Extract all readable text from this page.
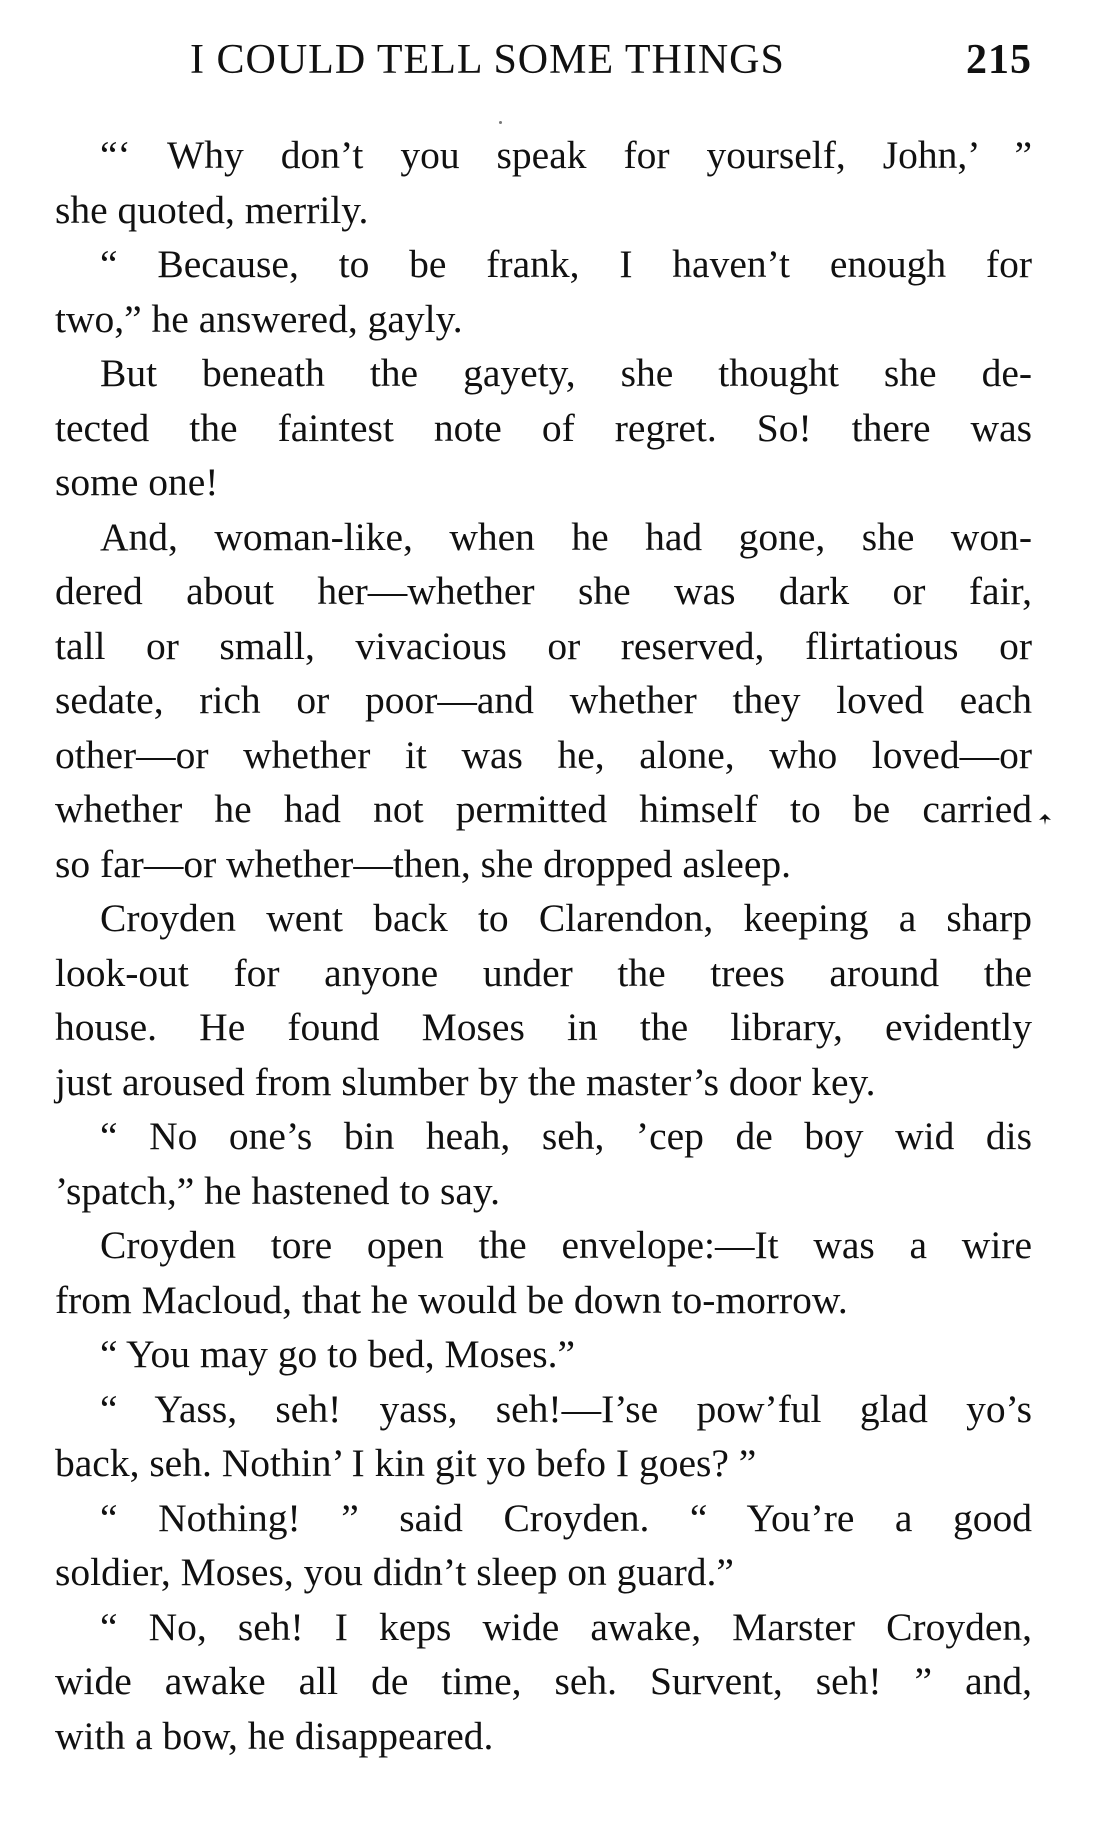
I COULD TELL SOME THINGS	215
“‘ Why don’t you speak for yourself, John,’ ”
she quoted, merrily.
“ Because, to be frank, I haven’t enough for
two,” he answered, gayly.
But beneath the gayety, she thought she de-
tected the faintest note of regret. So! there was
some one!
And, woman-like, when he had gone, she won-
dered about her—whether she was dark or fair,
tall or small, vivacious or reserved, flirtatious or
sedate, rich or poor—and whether they loved each
other—or whether it was he, alone, who loved—or
whether he had not permitted himself to be carried
so far—or whether—then, she dropped asleep.
Croyden went back to Clarendon, keeping a sharp
look-out for anyone under the trees around the
house. He found Moses in the library, evidently
just aroused from slumber by the master’s door key.
“ No one’s bin heah, seh, ’cep de boy wid dis
’spatch,” he hastened to say.
Croyden tore open the envelope:—It was a wire
from Macloud, that he would be down to-morrow.
“ You may go to bed, Moses.”
“ Yass, seh! yass, seh!—I’se pow’ful glad yo’s
back, seh. Nothin’ I kin git yo befo I goes? ”
“ Nothing! ” said Croyden. “ You’re a good
soldier, Moses, you didn’t sleep on guard.”
“ No, seh! I keps wide awake, Marster Croyden,
wide awake all de time, seh. Survent, seh! ” and,
with a bow, he disappeared.
